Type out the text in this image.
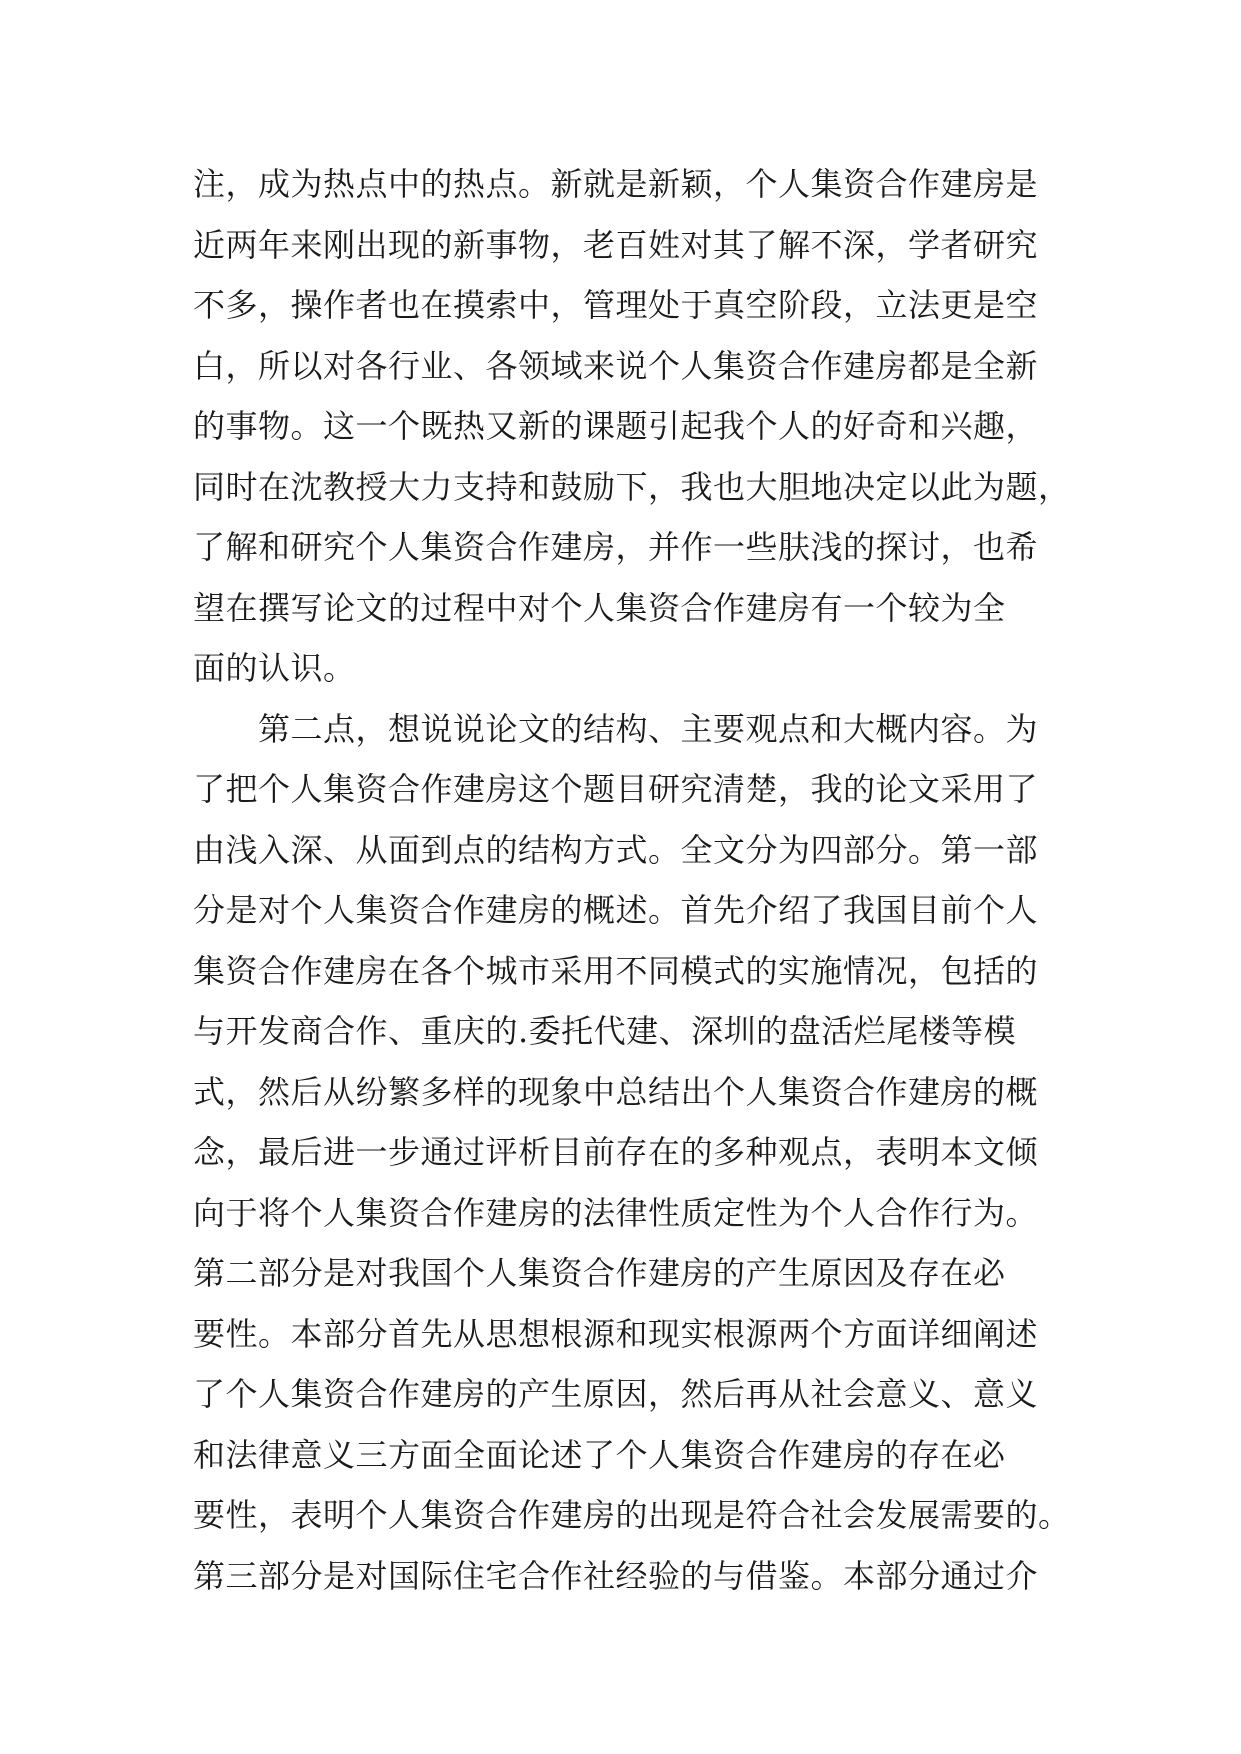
注，成为热点中的热点。新就是新颖，个人集资合作建房是
近两年来刚出现的新事物，老百姓对其了解不深，学者研究
不多，操作者也在摸索中，管理处于真空阶段，立法更是空
白，所以对各行业、各领域来说个人集资合作建房都是全新
的事物。这一个既热又新的课题引起我个人的好奇和兴趣，
同时在沈教授大力支持和鼓励下，我也大胆地决定以此为题，
了解和研究个人集资合作建房，并作一些肤浅的探讨，也希
望在撰写论文的过程中对个人集资合作建房有一个较为全
面的认识。
　　第二点，想说说论文的结构、主要观点和大概内容。为
了把个人集资合作建房这个题目研究清楚，我的论文采用了
由浅入深、从面到点的结构方式。全文分为四部分。第一部
分是对个人集资合作建房的概述。首先介绍了我国目前个人
集资合作建房在各个城市采用不同模式的实施情况，包括的
与开发商合作、重庆的.委托代建、深圳的盘活烂尾楼等模
式，然后从纷繁多样的现象中总结出个人集资合作建房的概
念，最后进一步通过评析目前存在的多种观点，表明本文倾
向于将个人集资合作建房的法律性质定性为个人合作行为。
第二部分是对我国个人集资合作建房的产生原因及存在必
要性。本部分首先从思想根源和现实根源两个方面详细阐述
了个人集资合作建房的产生原因，然后再从社会意义、意义
和法律意义三方面全面论述了个人集资合作建房的存在必
要性，表明个人集资合作建房的出现是符合社会发展需要的。
第三部分是对国际住宅合作社经验的与借鉴。本部分通过介
